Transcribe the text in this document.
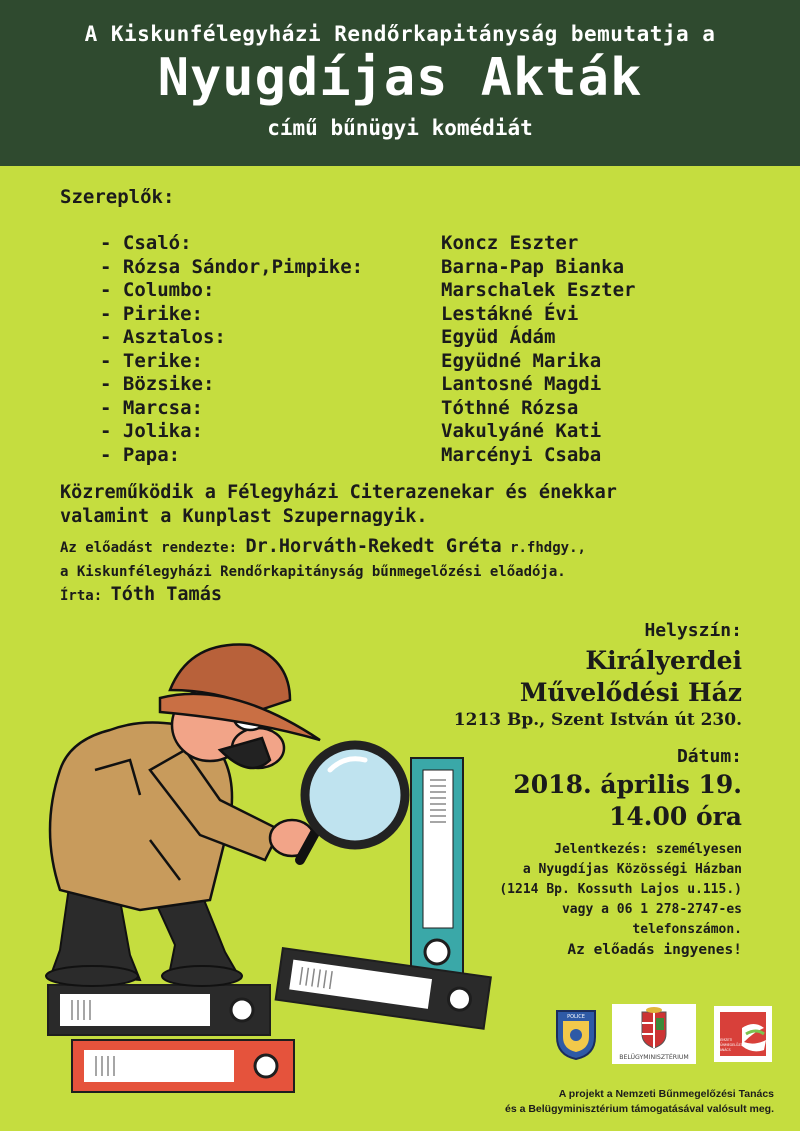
A Kiskunfélegyházi Rendőrkapitányság bemutatja a
Nyugdíjas Akták
című bűnügyi komédiát
Szereplők:
- Csaló:	Koncz Eszter
- Rózsa Sándor,Pimpike:	Barna-Pap Bianka
- Columbo:	Marschalek Eszter
- Pirike:	Lestákné Évi
- Asztalos:	Együd Ádám
- Terike:	Együdné Marika
- Bözsike:	Lantosné Magdi
- Marcsa:	Tóthné Rózsa
- Jolika:	Vakulyáné Kati
- Papa:	Marcényi Csaba
Közreműködik a Félegyházi Citerazenekar és énekkar
valamint a Kunplast Szupernagyik.
Az előadást rendezte: Dr.Horváth-Rekedt Gréta r.fhdgy.,
a Kiskunfélegyházi Rendőrkapitányság bűnmegelőzési előadója.
Írta: Tóth Tamás
Helyszín:
Királyerdei
Művelődési Ház
1213 Bp., Szent István út 230.
Dátum:
2018. április 19.
14.00 óra
Jelentkezés: személyesen
a Nyugdíjas Közösségi Házban
(1214 Bp. Kossuth Lajos u.115.)
vagy a 06 1 278-2747-es
telefonszámon.
Az előadás ingyenes!
POLICE
BELÜGYMINISZTÉRIUM
NEMZETI
BŰNMEGELŐZÉSI
TANÁCS
A projekt a Nemzeti Bűnmegelőzési Tanács
és a Belügyminisztérium támogatásával valósult meg.
